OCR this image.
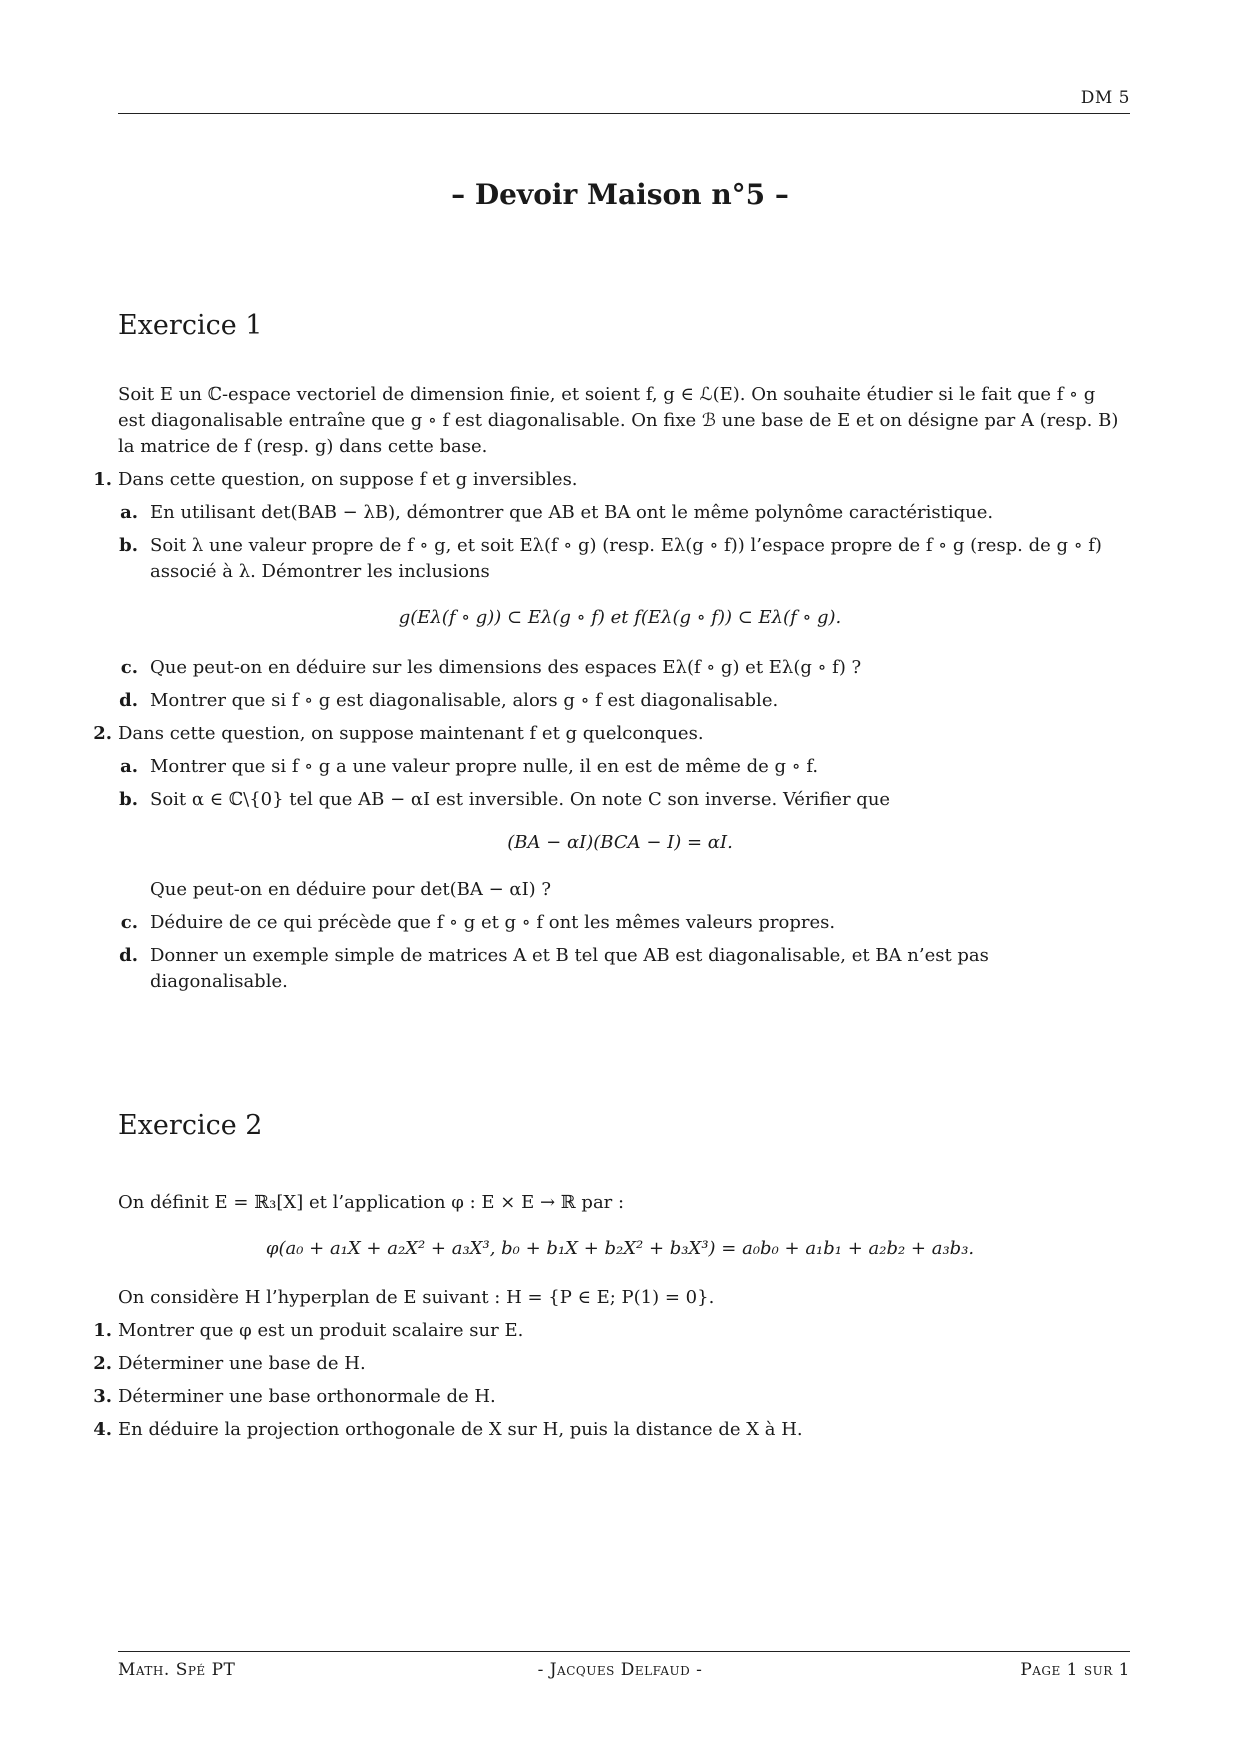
DM 5
– Devoir Maison n°5 –
Exercice 1
Soit E un ℂ-espace vectoriel de dimension finie, et soient f, g ∈ ℒ(E). On souhaite étudier si le fait que f ∘ g
est diagonalisable entraîne que g ∘ f est diagonalisable. On fixe ℬ une base de E et on désigne par A (resp. B)
la matrice de f (resp. g) dans cette base.
1. Dans cette question, on suppose f et g inversibles.
a. En utilisant det(BAB − λB), démontrer que AB et BA ont le même polynôme caractéristique.
b. Soit λ une valeur propre de f ∘ g, et soit Eλ(f ∘ g) (resp. Eλ(g ∘ f)) l’espace propre de f ∘ g (resp. de g ∘ f)
associé à λ. Démontrer les inclusions
g(Eλ(f ∘ g)) ⊂ Eλ(g ∘ f) et f(Eλ(g ∘ f)) ⊂ Eλ(f ∘ g).
c. Que peut-on en déduire sur les dimensions des espaces Eλ(f ∘ g) et Eλ(g ∘ f) ?
d. Montrer que si f ∘ g est diagonalisable, alors g ∘ f est diagonalisable.
2. Dans cette question, on suppose maintenant f et g quelconques.
a. Montrer que si f ∘ g a une valeur propre nulle, il en est de même de g ∘ f.
b. Soit α ∈ ℂ\{0} tel que AB − αI est inversible. On note C son inverse. Vérifier que
(BA − αI)(BCA − I) = αI.
Que peut-on en déduire pour det(BA − αI) ?
c. Déduire de ce qui précède que f ∘ g et g ∘ f ont les mêmes valeurs propres.
d. Donner un exemple simple de matrices A et B tel que AB est diagonalisable, et BA n’est pas diagonalisable.
Exercice 2
On définit E = ℝ₃[X] et l’application φ : E × E → ℝ par :
φ(a₀ + a₁X + a₂X² + a₃X³, b₀ + b₁X + b₂X² + b₃X³) = a₀b₀ + a₁b₁ + a₂b₂ + a₃b₃.
On considère H l’hyperplan de E suivant : H = {P ∈ E; P(1) = 0}.
1. Montrer que φ est un produit scalaire sur E.
2. Déterminer une base de H.
3. Déterminer une base orthonormale de H.
4. En déduire la projection orthogonale de X sur H, puis la distance de X à H.
Math. Spé PT	- Jacques Delfaud -	Page 1 sur 1
